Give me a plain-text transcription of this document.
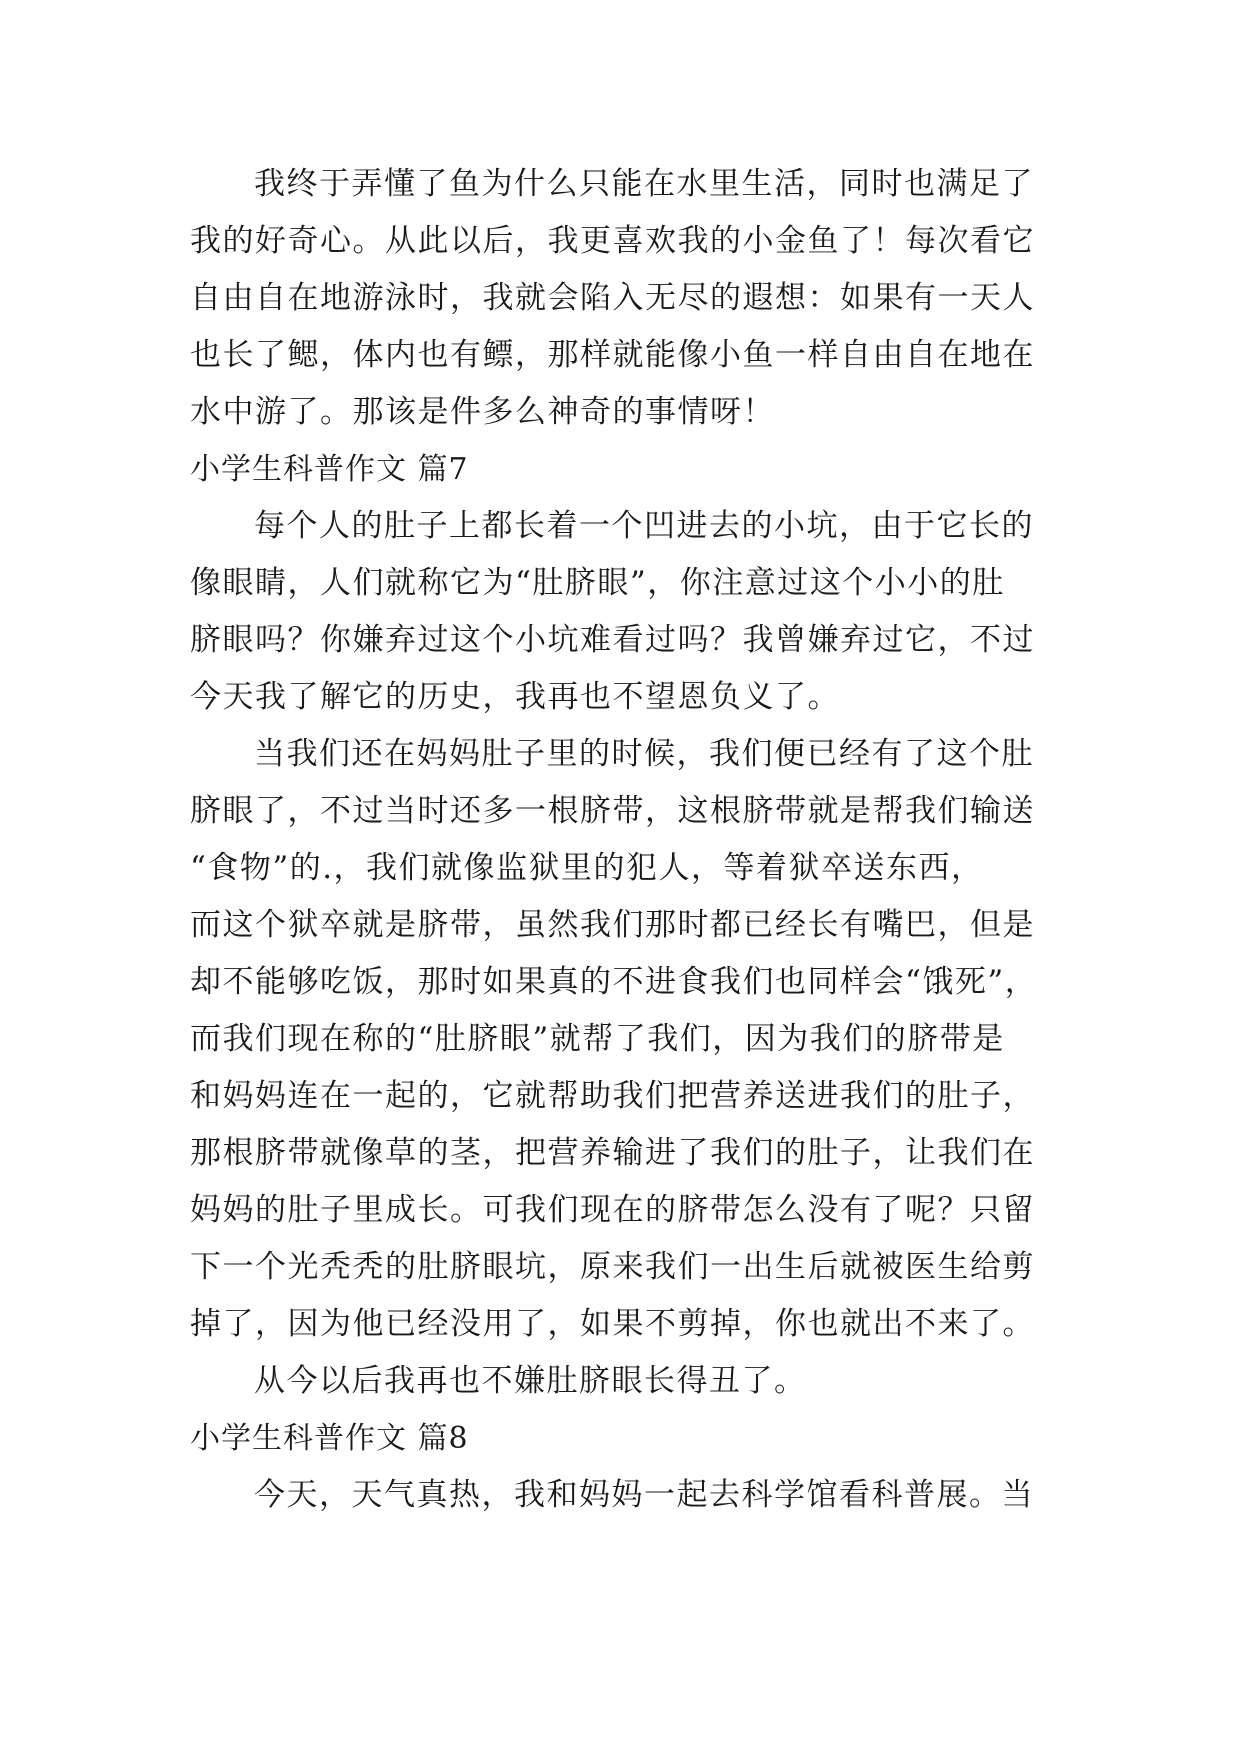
我终于弄懂了鱼为什么只能在水里生活，同时也满足了
我的好奇心。从此以后，我更喜欢我的小金鱼了！每次看它
自由自在地游泳时，我就会陷入无尽的遐想：如果有一天人
也长了鳃，体内也有鳔，那样就能像小鱼一样自由自在地在
水中游了。那该是件多么神奇的事情呀！
小学生科普作文 篇7
每个人的肚子上都长着一个凹进去的小坑，由于它长的
像眼睛，人们就称它为“肚脐眼”，你注意过这个小小的肚
脐眼吗？你嫌弃过这个小坑难看过吗？我曾嫌弃过它，不过
今天我了解它的历史，我再也不望恩负义了。
当我们还在妈妈肚子里的时候，我们便已经有了这个肚
脐眼了，不过当时还多一根脐带，这根脐带就是帮我们输送
“食物”的.，我们就像监狱里的犯人，等着狱卒送东西，
而这个狱卒就是脐带，虽然我们那时都已经长有嘴巴，但是
却不能够吃饭，那时如果真的不进食我们也同样会“饿死”，
而我们现在称的“肚脐眼”就帮了我们，因为我们的脐带是
和妈妈连在一起的，它就帮助我们把营养送进我们的肚子，
那根脐带就像草的茎，把营养输进了我们的肚子，让我们在
妈妈的肚子里成长。可我们现在的脐带怎么没有了呢？只留
下一个光秃秃的肚脐眼坑，原来我们一出生后就被医生给剪
掉了，因为他已经没用了，如果不剪掉，你也就出不来了。
从今以后我再也不嫌肚脐眼长得丑了。
小学生科普作文 篇8
今天，天气真热，我和妈妈一起去科学馆看科普展。当
